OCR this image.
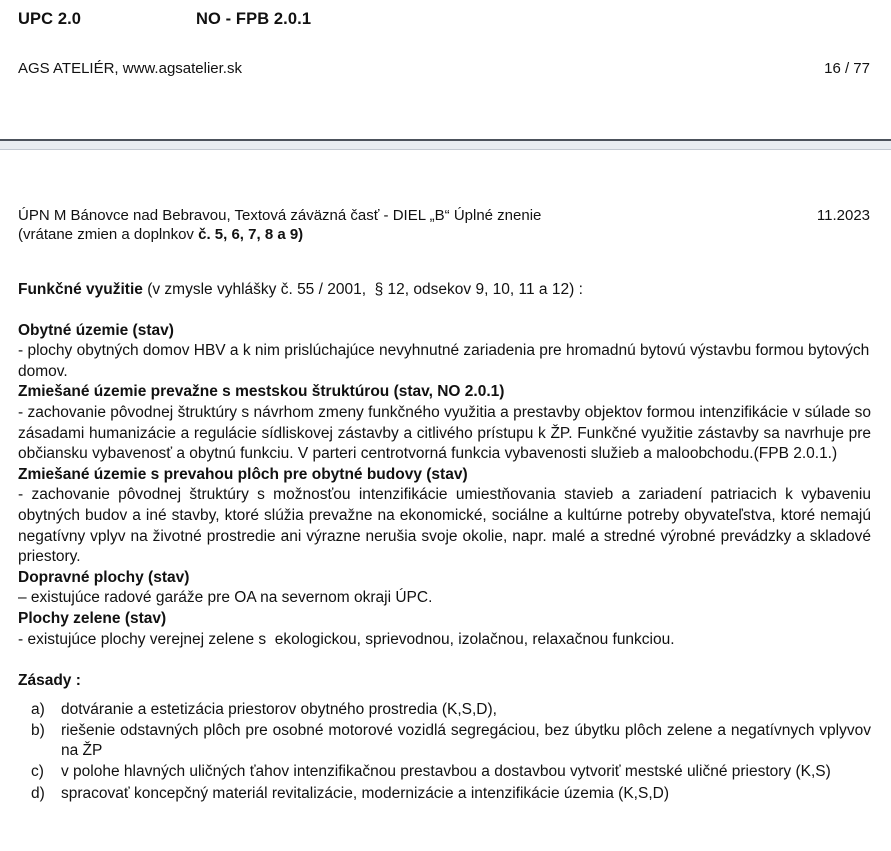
UPC 2.0	NO - FPB 2.0.1
AGS ATELIÉR, www.agsatelier.sk	16 / 77
ÚPN M Bánovce nad Bebravou, Textová záväzná časť - DIEL „B“ Úplné znenie	11.2023
(vrátane zmien a doplnkov č. 5, 6, 7, 8 a 9)

Funkčné využitie (v zmysle vyhlášky č. 55 / 2001,  § 12, odsekov 9, 10, 11 a 12) :

Obytné územie (stav)

- plochy obytných domov HBV a k nim prislúchajúce nevyhnutné zariadenia pre hromadnú bytovú výstavbu formou bytových domov.

Zmiešané územie prevažne s mestskou štruktúrou (stav, NO 2.0.1)

- zachovanie pôvodnej štruktúry s návrhom zmeny funkčného využitia a prestavby objektov formou intenzifikácie v súlade so zásadami humanizácie a regulácie sídliskovej zástavby a citlivého prístupu k ŽP. Funkčné využitie zástavby sa navrhuje pre občiansku vybavenosť a obytnú funkciu. V parteri centrotvorná funkcia vybavenosti služieb a maloobchodu.(FPB 2.0.1.)

Zmiešané územie s prevahou plôch pre obytné budovy (stav)

- zachovanie pôvodnej štruktúry s možnosťou intenzifikácie umiestňovania stavieb a zariadení patriacich k vybaveniu obytných budov a iné stavby, ktoré slúžia prevažne na ekonomické, sociálne a kultúrne potreby obyvateľstva, ktoré nemajú negatívny vplyv na životné prostredie ani výrazne nerušia svoje okolie, napr. malé a stredné výrobné prevádzky a skladové priestory.

Dopravné plochy (stav)

– existujúce radové garáže pre OA na severnom okraji ÚPC.

Plochy zelene (stav)

- existujúce plochy verejnej zelene s  ekologickou, sprievodnou, izolačnou, relaxačnou funkciou.

Zásady :

a)	dotváranie a estetizácia priestorov obytného prostredia (K,S,D),
b)	riešenie odstavných plôch pre osobné motorové vozidlá segregáciou, bez úbytku plôch zelene a negatívnych vplyvov na ŽP
c)	v polohe hlavných uličných ťahov intenzifikačnou prestavbou a dostavbou vytvoriť mestské uličné priestory (K,S)
d)	spracovať koncepčný materiál revitalizácie, modernizácie a intenzifikácie územia (K,S,D)
